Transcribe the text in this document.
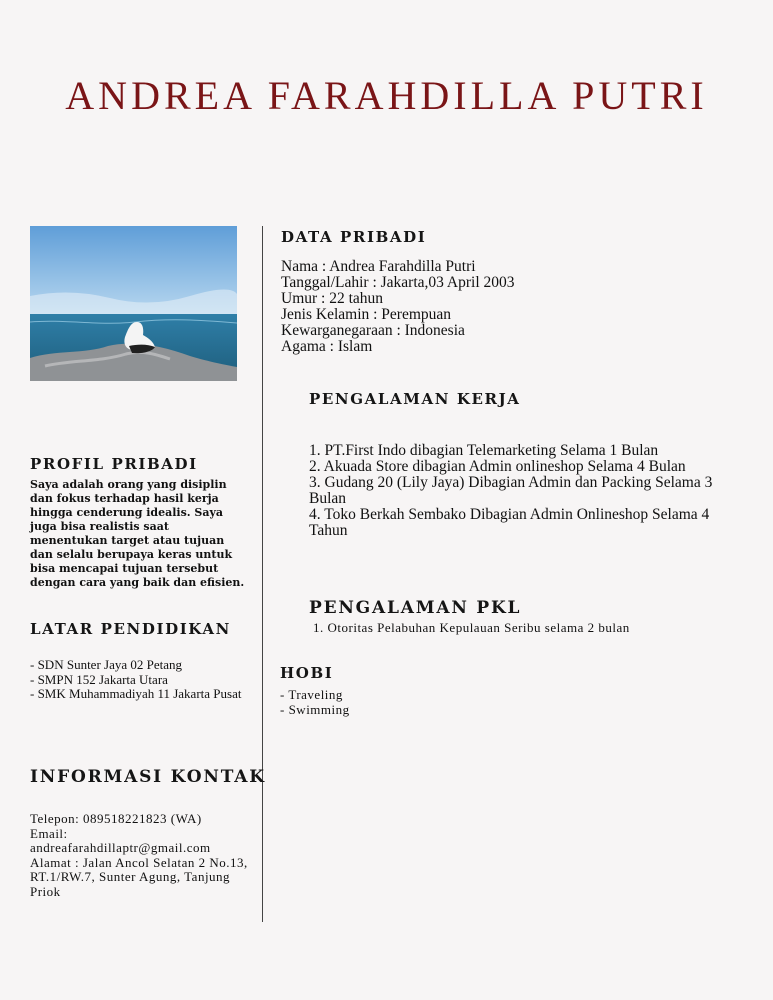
ANDREA FARAHDILLA PUTRI
PROFIL PRIBADI
Saya adalah orang yang disiplin dan fokus terhadap hasil kerja hingga cenderung idealis. Saya juga bisa realistis saat menentukan target atau tujuan dan selalu berupaya keras untuk bisa mencapai tujuan tersebut dengan cara yang baik dan efisien.
LATAR PENDIDIKAN
- SDN Sunter Jaya 02 Petang
- SMPN 152 Jakarta Utara
- SMK Muhammadiyah 11 Jakarta Pusat
INFORMASI KONTAK
Telepon: 089518221823 (WA)
Email:
andreafarahdillaptr@gmail.com
Alamat : Jalan Ancol Selatan 2 No.13, RT.1/RW.7, Sunter Agung, Tanjung Priok
DATA PRIBADI
Nama : Andrea Farahdilla Putri
Tanggal/Lahir : Jakarta,03 April 2003
Umur : 22 tahun
Jenis Kelamin : Perempuan
Kewarganegaraan : Indonesia
Agama : Islam
PENGALAMAN KERJA
1. PT.First Indo dibagian Telemarketing Selama 1 Bulan
2. Akuada Store dibagian Admin onlineshop Selama 4 Bulan
3. Gudang 20 (Lily Jaya) Dibagian Admin dan Packing Selama 3 Bulan
4. Toko Berkah Sembako Dibagian Admin Onlineshop Selama 4 Tahun
PENGALAMAN PKL
1. Otoritas Pelabuhan Kepulauan Seribu selama 2 bulan
HOBI
- Traveling
- Swimming
